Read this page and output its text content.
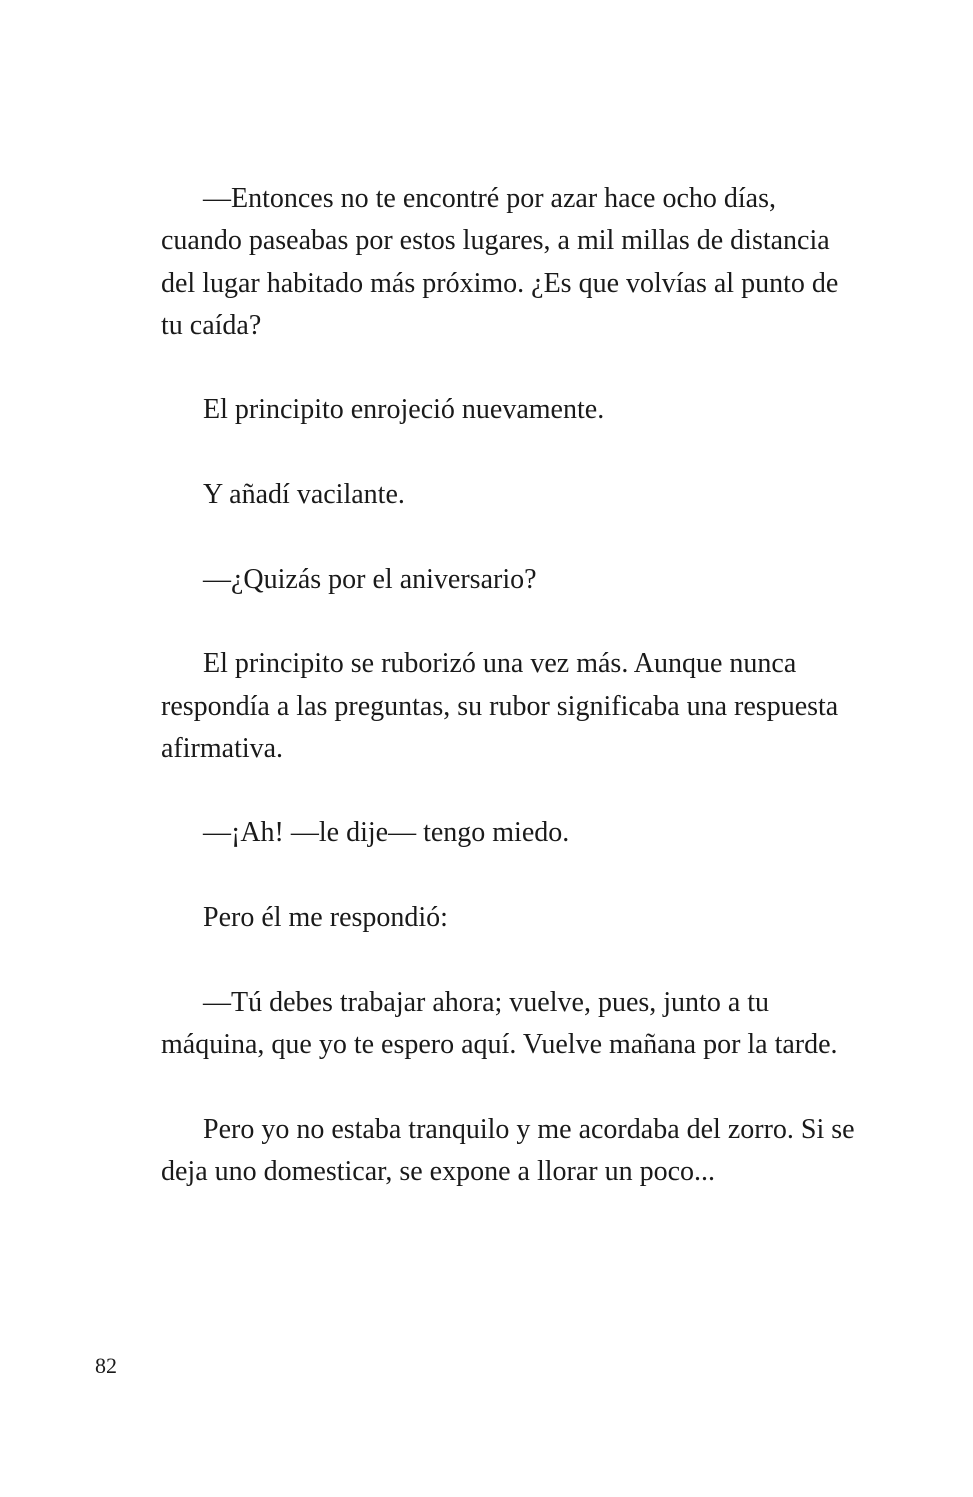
—Entonces no te encontré por azar hace ocho días,
cuando paseabas por estos lugares, a mil millas de distancia
del lugar habitado más próximo. ¿Es que volvías al punto de
tu caída?

El principito enrojeció nuevamente.

Y añadí vacilante.

—¿Quizás por el aniversario?

El principito se ruborizó una vez más. Aunque nunca
respondía a las preguntas, su rubor significaba una respuesta
afirmativa.

—¡Ah! —le dije— tengo miedo.

Pero él me respondió:

—Tú debes trabajar ahora; vuelve, pues, junto a tu
máquina, que yo te espero aquí. Vuelve mañana por la tarde.

Pero yo no estaba tranquilo y me acordaba del zorro. Si se
deja uno domesticar, se expone a llorar un poco...

82
